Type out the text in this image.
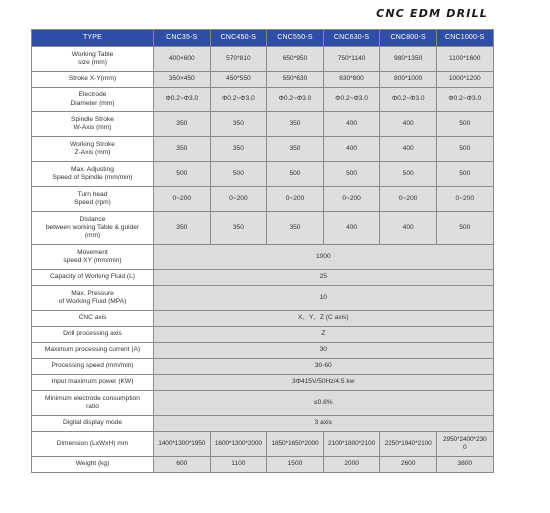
CNC EDM DRILL
TYPE	CNC35-S	CNC450-S	CNC550-S	CNC630-S	CNC800-S	CNC1000-S
Working Table
size (mm)	400×600	570*810	650*950	750*1140	980*1350	1100*1600
Stroke X-Y(mm)	350×450	450*550	550*630	630*800	800*1000	1000*1200
Electrode
Diameter (mm)	Φ0.2~Φ3.0	Φ0.2~Φ3.0	Φ0.2~Φ3.0	Φ0.2~Φ3.0	Φ0.2~Φ3.0	Φ0.2~Φ3.0
Spindle Stroke
W-Axis (mm)	350	350	350	400	400	500
Working Stroke
Z-Axis (mm)	350	350	350	400	400	500
Max. Adjusting
Speed of Spindle (mm/min)	500	500	500	500	500	500
Turn head
Speed (rpm)	0~200	0~200	0~200	0~200	0~200	0~200
Distance
between working Table & guider
(mm)	350	350	350	400	400	500
Movement
speed XY (mm/min)	1000					
Capacity of Working Fluid (L)	25					
Max. Pressure
of Working Fluid (MPA)	10					
CNC axis	X、Y、Z (C axis)					
Drill processing axis	Z					
Maximum processing current (A)	30					
Processing speed (mm/min)	30-60					
Input maximum power (KW)	3Φ415V/50Hz/4.5 kw					
Minimum electrode consumption
ratio	≤0.8%					
Digital display mode	3 axis					
Dimension (LxWxH) mm	1400*1300*1950	1600*1300*2000	1850*1650*2000	2100*1800*2100	2250*1940*2100	2950*2400*230
0
Weight (kg)	600	1100	1500	2000	2600	3800
